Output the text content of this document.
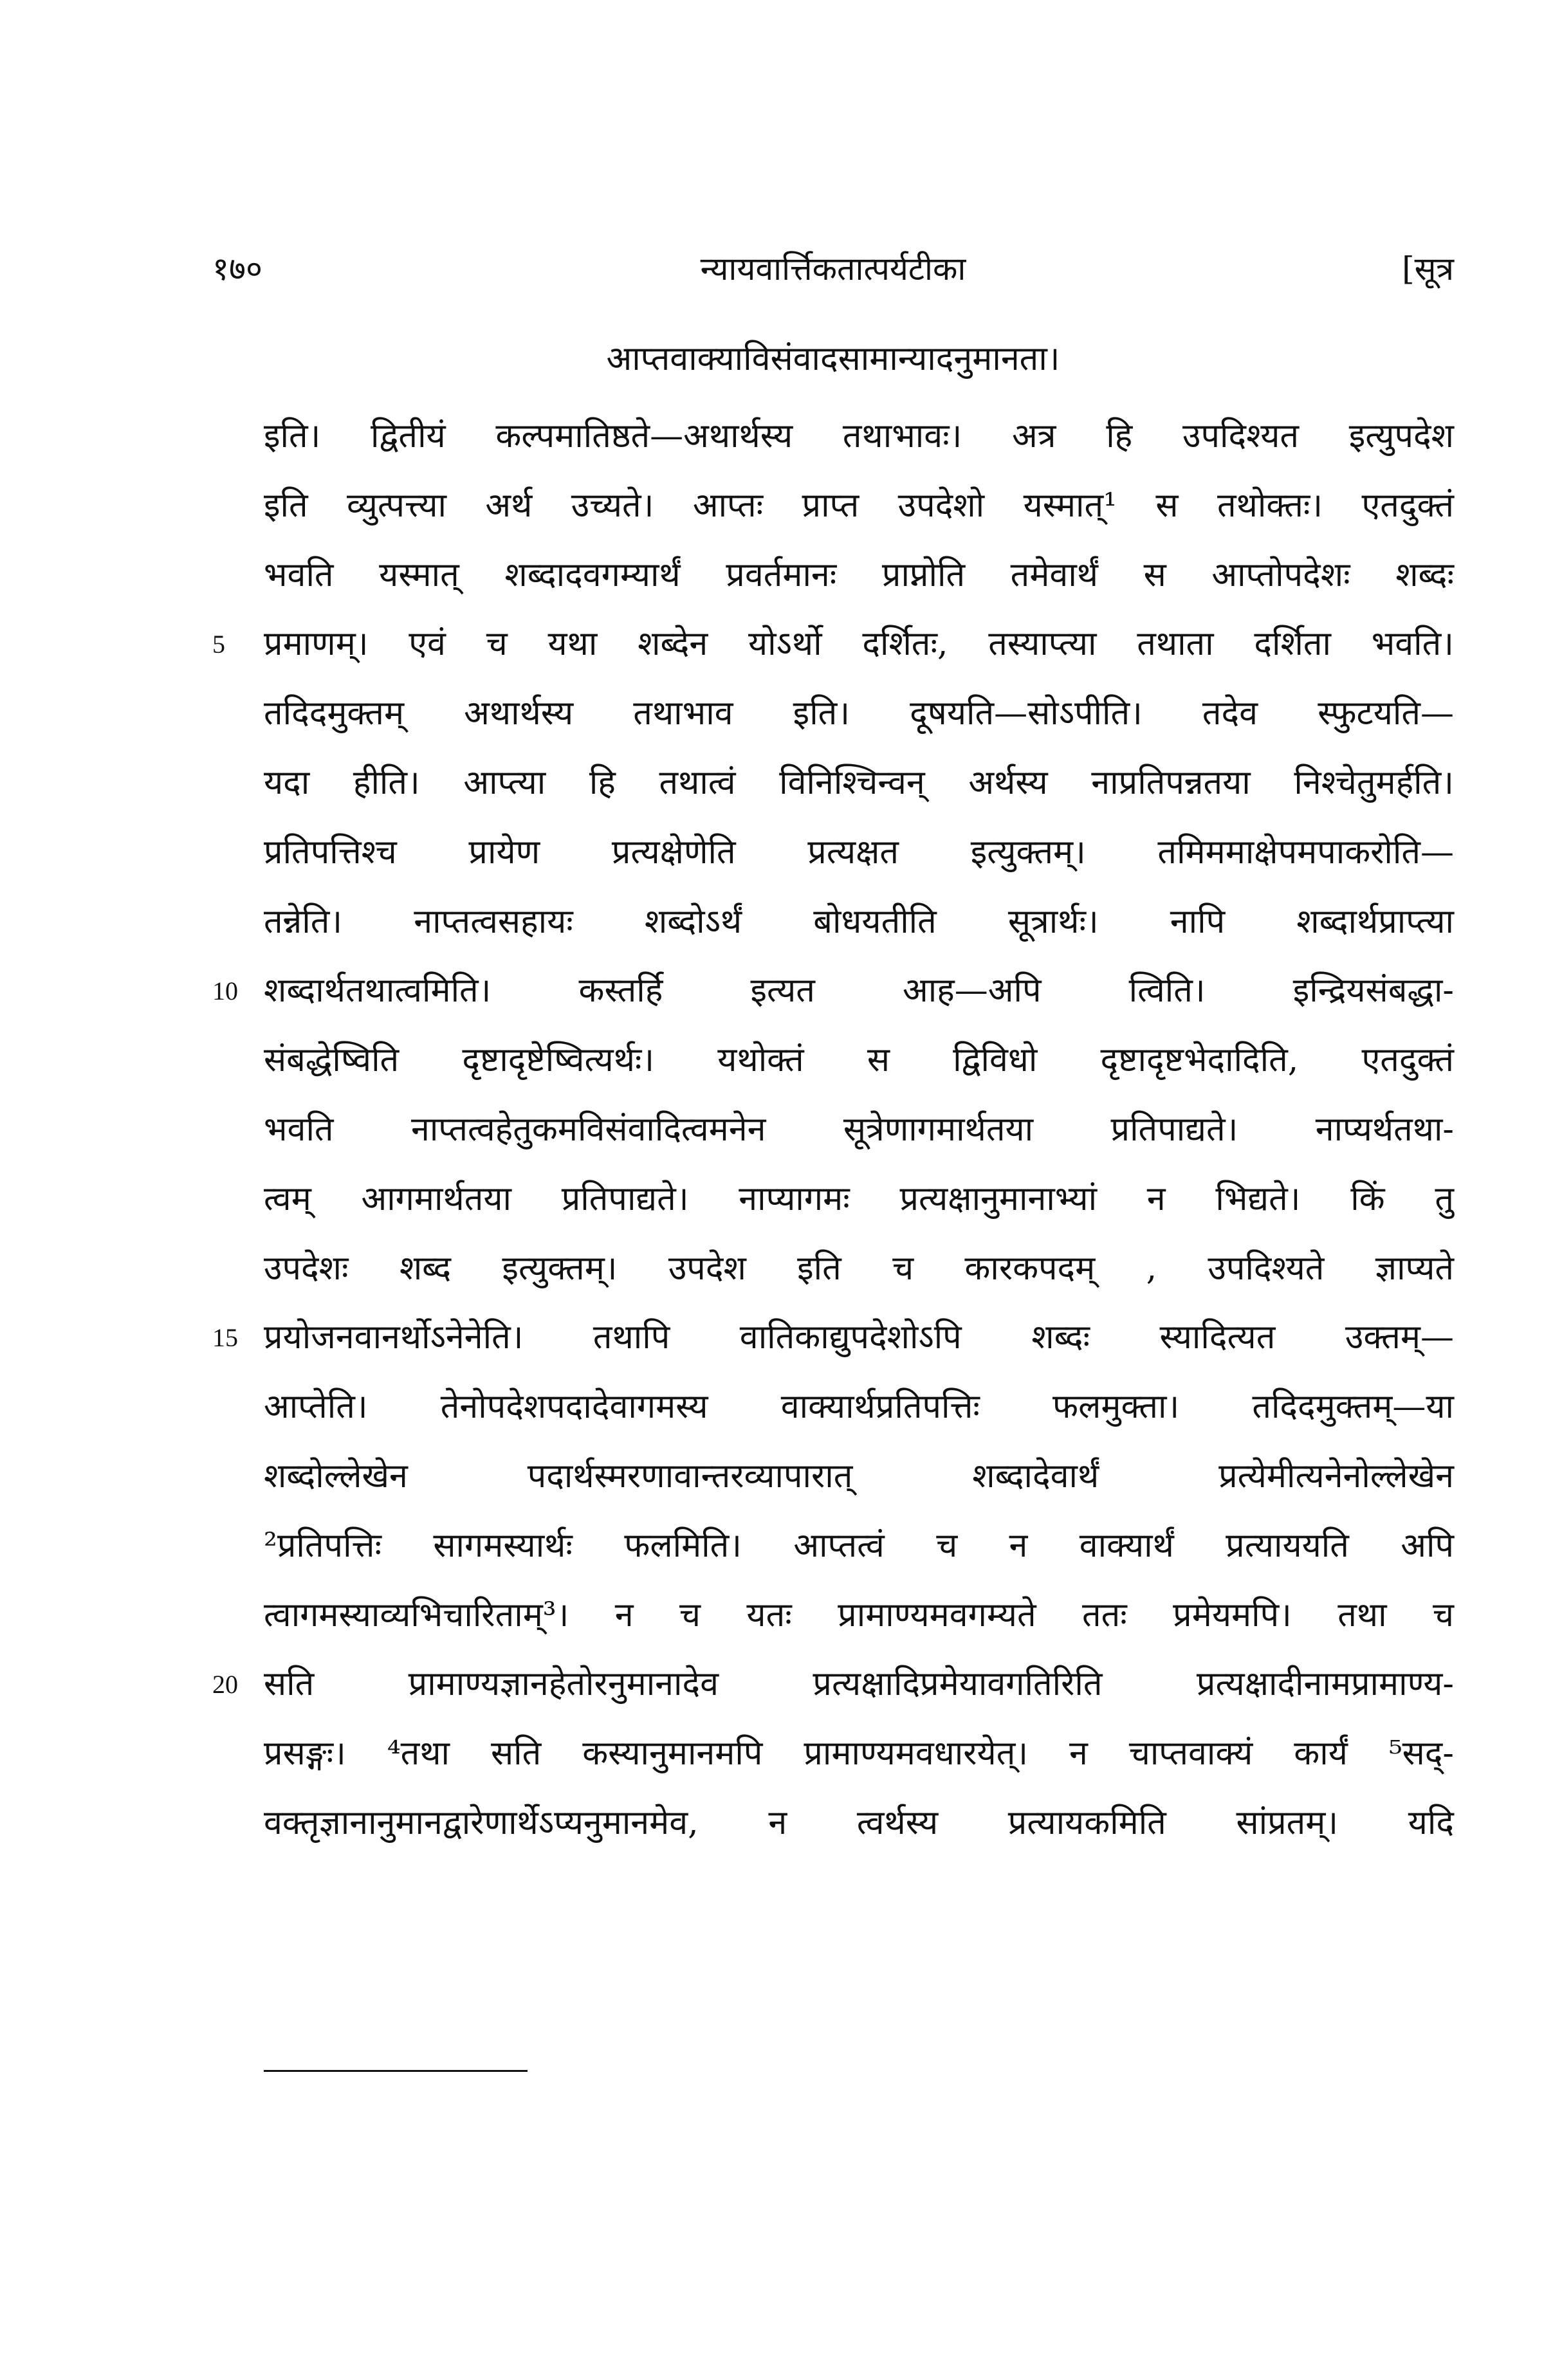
१७०	न्यायवार्त्तिकतात्पर्यटीका	[सूत्र
आप्तवाक्याविसंवादसामान्यादनुमानता।
इति। द्वितीयं कल्पमातिष्ठते—अथार्थस्य तथाभावः। अत्र हि उपदिश्यत इत्युपदेश
इति व्युत्पत्त्या अर्थ उच्यते। आप्तः प्राप्त उपदेशो यस्मात्¹ स तथोक्तः। एतदुक्तं
भवति यस्मात् शब्दादवगम्यार्थं प्रवर्तमानः प्राप्नोति तमेवार्थं स आप्तोपदेशः शब्दः
5	प्रमाणम्। एवं च यथा शब्देन योऽर्थो दर्शितः, तस्याप्त्या तथाता दर्शिता भवति।
तदिदमुक्तम् अथार्थस्य तथाभाव इति। दूषयति—सोऽपीति। तदेव स्फुटयति—
यदा हीति। आप्त्या हि तथात्वं विनिश्चिन्वन् अर्थस्य नाप्रतिपन्नतया निश्चेतुमर्हति।
प्रतिपत्तिश्च प्रायेण प्रत्यक्षेणेति प्रत्यक्षत इत्युक्तम्। तमिममाक्षेपमपाकरोति—
तन्नेति। नाप्तत्वसहायः शब्दोऽर्थं बोधयतीति सूत्रार्थः। नापि शब्दार्थप्राप्त्या
10 शब्दार्थतथात्वमिति। कस्तर्हि इत्यत आह—अपि त्विति। इन्द्रियसंबद्धा-
संबद्धेष्विति दृष्टादृष्टेष्वित्यर्थः। यथोक्तं स द्विविधो दृष्टादृष्टभेदादिति, एतदुक्तं
भवति नाप्तत्वहेतुकमविसंवादित्वमनेन सूत्रेणागमार्थतया प्रतिपाद्यते। नाप्यर्थतथा-
त्वम् आगमार्थतया प्रतिपाद्यते। नाप्यागमः प्रत्यक्षानुमानाभ्यां न भिद्यते। किं तु
उपदेशः शब्द इत्युक्तम्। उपदेश इति च कारकपदम् , उपदिश्यते ज्ञाप्यते
15 प्रयोजनवानर्थोऽनेनेति। तथापि वातिकाद्युपदेशोऽपि शब्दः स्यादित्यत उक्तम्—
आप्तेति। तेनोपदेशपदादेवागमस्य वाक्यार्थप्रतिपत्तिः फलमुक्ता। तदिदमुक्तम्—या
शब्दोल्लेखेन पदार्थस्मरणावान्तरव्यापारात् शब्दादेवार्थं प्रत्येमीत्यनेनोल्लेखेन
²प्रतिपत्तिः सागमस्यार्थः फलमिति। आप्तत्वं च न वाक्यार्थं प्रत्याययति अपि
त्वागमस्याव्यभिचारिताम्³। न च यतः प्रामाण्यमवगम्यते ततः प्रमेयमपि। तथा च
20 सति प्रामाण्यज्ञानहेतोरनुमानादेव प्रत्यक्षादिप्रमेयावगतिरिति प्रत्यक्षादीनामप्रामाण्य-
प्रसङ्गः। ⁴तथा सति कस्यानुमानमपि प्रामाण्यमवधारयेत्। न चाप्तवाक्यं कार्यं ⁵सद्-
वक्तृज्ञानानुमानद्वारेणार्थेऽप्यनुमानमेव, न त्वर्थस्य प्रत्यायकमिति सांप्रतम्। यदि
